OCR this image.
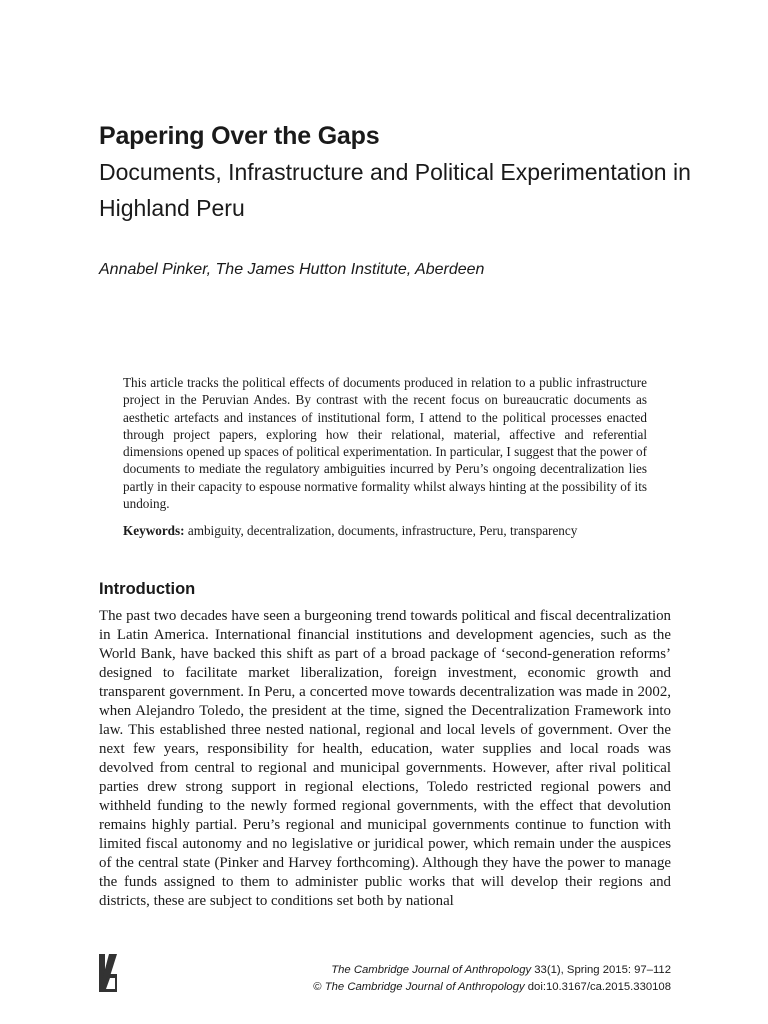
Papering Over the Gaps
Documents, Infrastructure and Political Experimentation in Highland Peru
Annabel Pinker, The James Hutton Institute, Aberdeen
This article tracks the political effects of documents produced in relation to a public infrastructure project in the Peruvian Andes. By contrast with the recent focus on bureaucratic documents as aesthetic artefacts and instances of institutional form, I attend to the political processes enacted through project papers, exploring how their relational, material, affective and referential dimensions opened up spaces of political experimentation. In particular, I suggest that the power of documents to mediate the regulatory ambiguities incurred by Peru’s ongoing decentralization lies partly in their capacity to espouse normative formality whilst always hinting at the possibility of its undoing.
Keywords: ambiguity, decentralization, documents, infrastructure, Peru, transparency
Introduction
The past two decades have seen a burgeoning trend towards political and fiscal decentralization in Latin America. International financial institutions and development agencies, such as the World Bank, have backed this shift as part of a broad package of ‘second-generation reforms’ designed to facilitate market liberalization, foreign investment, economic growth and transparent government. In Peru, a concerted move towards decentralization was made in 2002, when Alejandro Toledo, the president at the time, signed the Decentralization Framework into law. This established three nested national, regional and local levels of government. Over the next few years, responsibility for health, education, water supplies and local roads was devolved from central to regional and municipal governments. However, after rival political parties drew strong support in regional elections, Toledo restricted regional powers and withheld funding to the newly formed regional governments, with the effect that devolution remains highly partial. Peru’s regional and municipal governments continue to function with limited fiscal autonomy and no legislative or juridical power, which remain under the auspices of the central state (Pinker and Harvey forthcoming). Although they have the power to manage the funds assigned to them to administer public works that will develop their regions and districts, these are subject to conditions set both by national
The Cambridge Journal of Anthropology 33(1), Spring 2015: 97–112
© The Cambridge Journal of Anthropology doi:10.3167/ca.2015.330108
